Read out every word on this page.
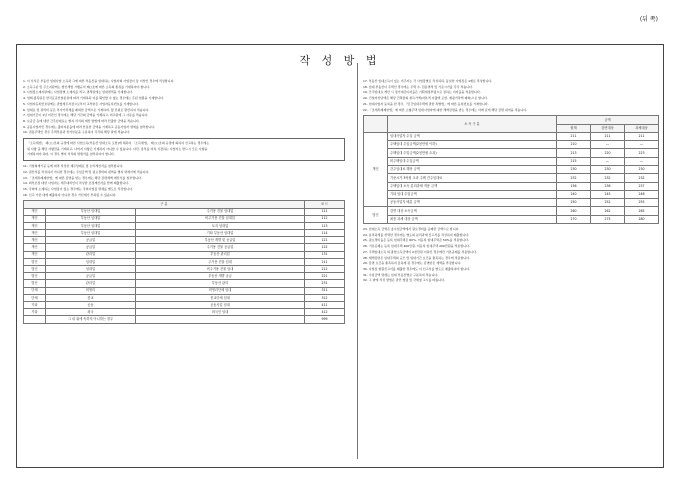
(뒤 쪽)
작 성 방 법

1. 이 서식은 부동산 임대사업 소득과 그에 따른 부동산을 임대하는 사업자의 사업장이 둘 이상인 경우에 작성합니다.

2. 소득구분 및 주소지란에는 법인세법 시행규칙 제○조에 따른 소득의 종류를 기재하여야 합니다.

3. 사업장소재지란에는 사업장별 소재지를 적고, 면적란에는 임대면적을 기재합니다.

4. 업태·종목란은 한국표준산업분류에 따라 기재하되 이를 확인할 수 없는 경우에는 주된 업종을 기재합니다.

5. 사업자등록번호란에는 관할세무서장으로부터 교부받은 사업자등록번호를 기재합니다.

6. 임대료 및 관리비 등은 부가가치세를 제외한 금액으로 기재하며, 월 단위로 환산하여 적습니다.

7. 임대기간이 1년 미만인 경우에는 해당 기간의 금액을 기재하고, 비고란에 그 사유를 적습니다.

8. 보증금 등에 대한 간주임대료는 별지 서식의 계산 방법에 따라 산출한 금액을 적습니다.

9. 공동사업자인 경우에는 출자지분율에 따라 안분한 금액을 기재하고 공동사업자 명세를 첨부합니다.

10. 겸용주택인 경우 주택부분과 상가부분을 구분하여 각각의 해당 란에 적습니다.

「소득세법」 제○○조의 규정에 따른 사업소득(부동산 임대소득 포함)에 대하여 「소득세법」 제○○조의 규정에 의하여 신고하는 경우에는

위 사항 중 해당 사항만을 기재하고, 나머지 사항은 기재하지 아니할 수 있습니다. 다만, 장부를 비치·기장하는 사업자는 반드시 모든 사항을

기재하여야 하며, 이 경우 별지 서식의 명세서를 첨부하여야 합니다.

11. 기업회계기준 등에 따라 작성한 재무상태표 및 손익계산서를 첨부합니다.

12. 결산서를 작성하지 아니한 경우에는 수입금액 및 필요경비의 내역을 별지 명세서에 적습니다.

13. 「조세특례제한법」에 따른 감면을 받는 경우에는 해당 감면세액 계산서를 첨부합니다.

14. 외부조정 대상 사업자는 세무대리인이 작성한 조정계산서를 함께 제출합니다.

15. 국외에 소재하는 사업장이 있는 경우에는 국외사업장 명세를 별도로 작성합니다.

16. 신고 기한 내에 제출하지 아니한 경우 가산세가 부과될 수 있습니다.

구 분			코 드
개인	부동산 임대업	주거용 건물 임대업	111
개인	부동산 임대업	비주거용 건물 임대업	112
개인	부동산 임대업	토지 임대업	113
개인	부동산 임대업	기타 부동산 임대업	114
개인	공급업	부동산 개발 및 공급업	121
개인	공급업	주거용 건물 공급업	122
개인	관리업	부동산 관리업	131
법인	임대업	주거용 건물 임대	211
법인	임대업	비주거용 건물 임대	212
법인	공급업	부동산 개발 공급	221
법인	관리업	부동산 관리	231
단체	비영리	비영리단체 임대	311
단체	종교	종교단체 임대	312
기타	공동	공동사업 임대	411
기타	외국	외국인 임대	412
	그 외 위에 속하지 아니하는 경우		999

17. 부동산 임대소득이 있는 거주자는 각 사업장별로 작성하되, 동일한 사업장은 1매로 작성합니다.

18. 임대 부동산이 주택인 경우에는 주택 수, 전용면적 및 기준시가를 각각 적습니다.

19. 간주임대료 계산 시 정기예금이자율은 기획재정부령으로 정하는 이자율을 적용합니다.

20. 건설비상당액은 해당 건축물의 취득가액(자본적 지출액 포함, 재평가차액 제외)으로 합니다.

21. 임대사업자 등록을 한 경우 「민간임대주택에 관한 특별법」에 따른 등록번호를 기재합니다.

22. 「조세특례제한법」에 따른 소형주택 임대사업자에 대한 세액감면을 받는 경우에는 아래 표에 해당 감면 내역을 적습니다.

	소 득 구 분	금액		
		합계	감면대상	과세대상
개인	임대사업자 수입 금액	211	211	211
	주택임대 수입금액(2천만원 이하)	210	—	—
	주택임대 수입금액(2천만원 초과)	213	220	223
	비주택임대 수입금액	215	—	—
	간주임대료 해당 금액	230	230	230
	기준시가 3억원 초과 주택 간주임대료	232	232	232
	주택임대 소득 분리과세 적용 금액	156	236	237
	기타 임대 수입금액	240	245	248
	공동사업자 배분 금액	250	252	255
법인	감면 대상 소득금액	260	262	265
	최종 과세 대상 금액	270	275	280

23. 임대소득 금액은 총수입금액에서 필요경비를 공제한 금액으로 합니다.

24. 분리과세를 선택한 경우에는 별도의 분리과세 신고서를 작성하여 제출합니다.

25. 필요경비율은 등록 임대주택은 60%, 미등록 임대주택은 50%를 적용합니다.

26. 기본공제는 등록 임대주택 400만원, 미등록 임대주택 200만원을 적용합니다.

27. 주택임대소득 외 종합소득금액이 2천만원 이하인 경우에만 기본공제를 적용합니다.

28. 세액감면은 임대주택의 규모 및 임대기간 요건을 충족하는 경우에 적용합니다.

29. 감면 요건을 충족하지 못하게 된 경우에는 감면받은 세액을 추징합니다.

30. 사업장 현황신고서를 제출한 경우에도 이 신고서를 별도로 제출하여야 합니다.

31. 수입금액 명세는 임대 부동산별로 구분하여 적습니다.

32. 그 밖에 작성 방법은 관련 법령 및 국세청 고시를 따릅니다.
